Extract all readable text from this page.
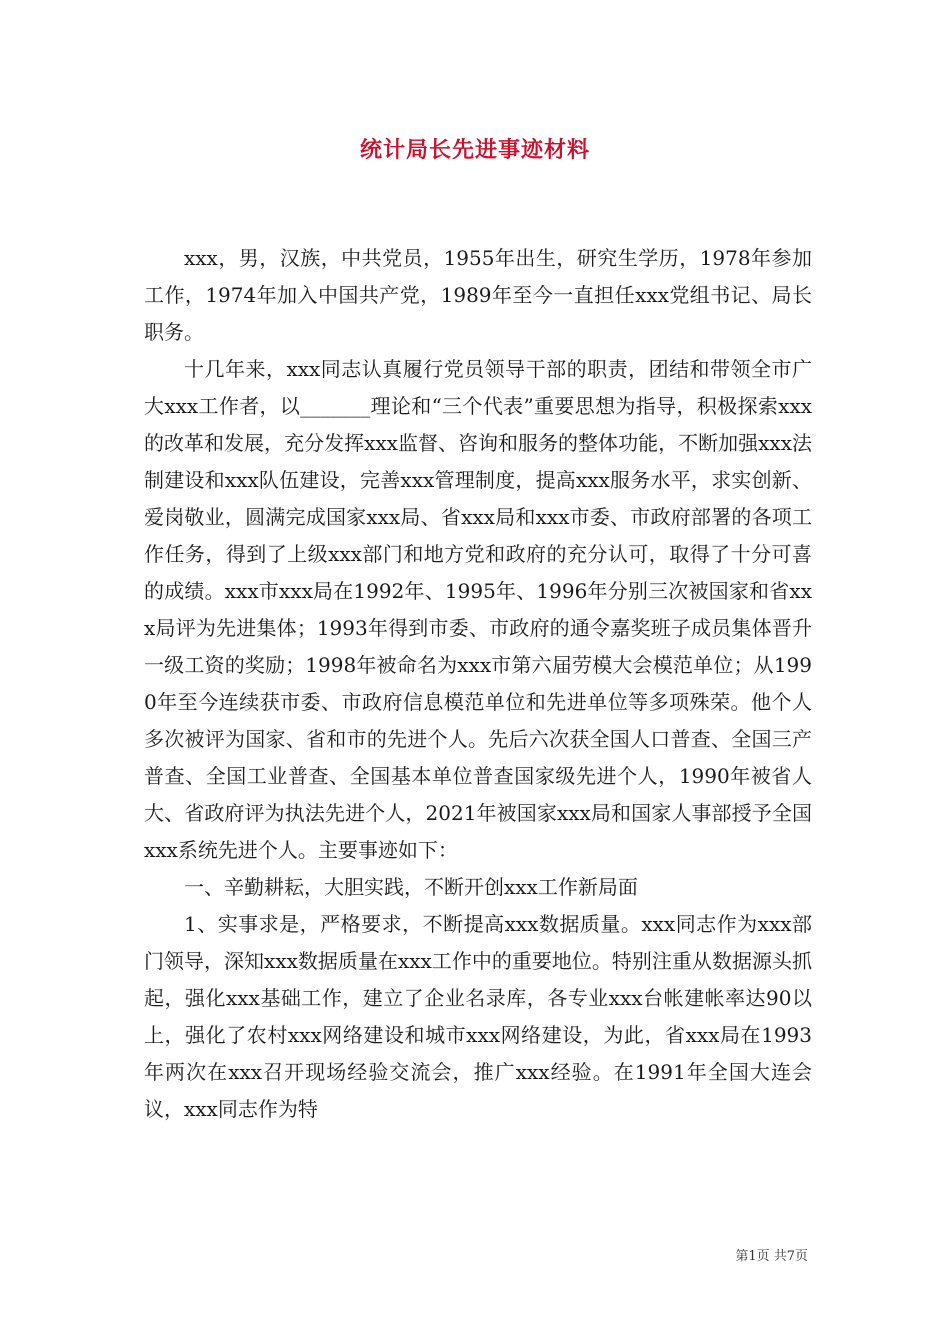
统计局长先进事迹材料

xxx，男，汉族，中共党员，1955年出生，研究生学历，1978年参加工作，1974年加入中国共产党，1989年至今一直担任xxx党组书记、局长职务。

十几年来，xxx同志认真履行党员领导干部的职责，团结和带领全市广大xxx工作者，以_______理论和“三个代表”重要思想为指导，积极探索xxx的改革和发展，充分发挥xxx监督、咨询和服务的整体功能，不断加强xxx法制建设和xxx队伍建设，完善xxx管理制度，提高xxx服务水平，求实创新、爱岗敬业，圆满完成国家xxx局、省xxx局和xxx市委、市政府部署的各项工作任务，得到了上级xxx部门和地方党和政府的充分认可，取得了十分可喜的成绩。xxx市xxx局在1992年、1995年、1996年分别三次被国家和省xxx局评为先进集体；1993年得到市委、市政府的通令嘉奖班子成员集体晋升一级工资的奖励；1998年被命名为xxx市第六届劳模大会模范单位；从1990年至今连续获市委、市政府信息模范单位和先进单位等多项殊荣。他个人多次被评为国家、省和市的先进个人。先后六次获全国人口普查、全国三产普查、全国工业普查、全国基本单位普查国家级先进个人，1990年被省人大、省政府评为执法先进个人，2021年被国家xxx局和国家人事部授予全国xxx系统先进个人。主要事迹如下：

一、辛勤耕耘，大胆实践，不断开创xxx工作新局面

1、实事求是，严格要求，不断提高xxx数据质量。xxx同志作为xxx部门领导，深知xxx数据质量在xxx工作中的重要地位。特别注重从数据源头抓起，强化xxx基础工作，建立了企业名录库，各专业xxx台帐建帐率达90以上，强化了农村xxx网络建设和城市xxx网络建设，为此，省xxx局在1993年两次在xxx召开现场经验交流会，推广xxx经验。在1991年全国大连会议，xxx同志作为特

第1页 共7页
